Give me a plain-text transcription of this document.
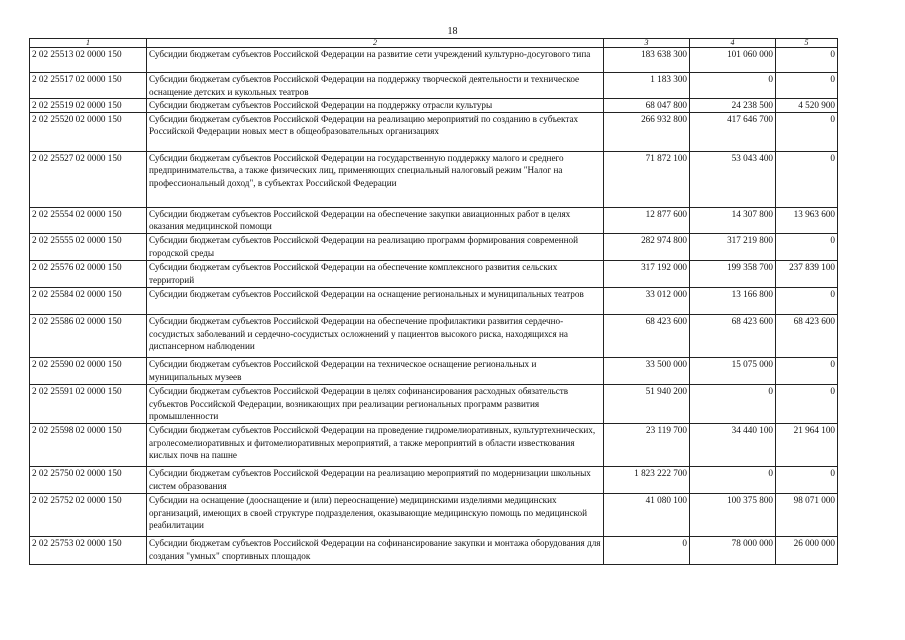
18
1	2	3	4	5
2 02 25513 02 0000 150	Субсидии бюджетам субъектов Российской Федерации на развитие сети учреждений культурно-досугового типа	183 638 300	101 060 000	0
2 02 25517 02 0000 150	Субсидии бюджетам субъектов Российской Федерации на поддержку творческой деятельности и техническое оснащение детских и кукольных театров	1 183 300	0	0
2 02 25519 02 0000 150	Субсидии бюджетам субъектов Российской Федерации на поддержку отрасли культуры	68 047 800	24 238 500	4 520 900
2 02 25520 02 0000 150	Субсидии бюджетам субъектов Российской Федерации на реализацию мероприятий по созданию в субъектах Российской Федерации новых мест в общеобразовательных организациях	266 932 800	417 646 700	0
2 02 25527 02 0000 150	Субсидии бюджетам субъектов Российской Федерации на государственную поддержку малого и среднего предпринимательства, а также физических лиц, применяющих специальный налоговый режим "Налог на профессиональный доход", в субъектах Российской Федерации	71 872 100	53 043 400	0
2 02 25554 02 0000 150	Субсидии бюджетам субъектов Российской Федерации на обеспечение закупки авиационных работ в целях оказания медицинской помощи	12 877 600	14 307 800	13 963 600
2 02 25555 02 0000 150	Субсидии бюджетам субъектов Российской Федерации на реализацию программ формирования современной городской среды	282 974 800	317 219 800	0
2 02 25576 02 0000 150	Субсидии бюджетам субъектов Российской Федерации на обеспечение комплексного развития сельских территорий	317 192 000	199 358 700	237 839 100
2 02 25584 02 0000 150	Субсидии бюджетам субъектов Российской Федерации на оснащение региональных и муниципальных театров	33 012 000	13 166 800	0
2 02 25586 02 0000 150	Субсидии бюджетам субъектов Российской Федерации на обеспечение профилактики развития сердечно-сосудистых заболеваний и сердечно-сосудистых осложнений у пациентов высокого риска, находящихся на диспансерном наблюдении	68 423 600	68 423 600	68 423 600
2 02 25590 02 0000 150	Субсидии бюджетам субъектов Российской Федерации на техническое оснащение региональных и муниципальных музеев	33 500 000	15 075 000	0
2 02 25591 02 0000 150	Субсидии бюджетам субъектов Российской Федерации в целях софинансирования расходных обязательств субъектов Российской Федерации, возникающих при реализации региональных программ развития промышленности	51 940 200	0	0
2 02 25598 02 0000 150	Субсидии бюджетам субъектов Российской Федерации на проведение гидромелиоративных, культуртехнических, агролесомелиоративных и фитомелиоративных мероприятий, а также мероприятий в области известкования кислых почв на пашне	23 119 700	34 440 100	21 964 100
2 02 25750 02 0000 150	Субсидии бюджетам субъектов Российской Федерации на реализацию мероприятий по модернизации школьных систем образования	1 823 222 700	0	0
2 02 25752 02 0000 150	Субсидии на оснащение (дооснащение и (или) переоснащение) медицинскими изделиями медицинских организаций, имеющих в своей структуре подразделения, оказывающие медицинскую помощь по медицинской реабилитации	41 080 100	100 375 800	98 071 000
2 02 25753 02 0000 150	Субсидии бюджетам субъектов Российской Федерации на софинансирование закупки и монтажа оборудования для создания "умных" спортивных площадок	0	78 000 000	26 000 000
